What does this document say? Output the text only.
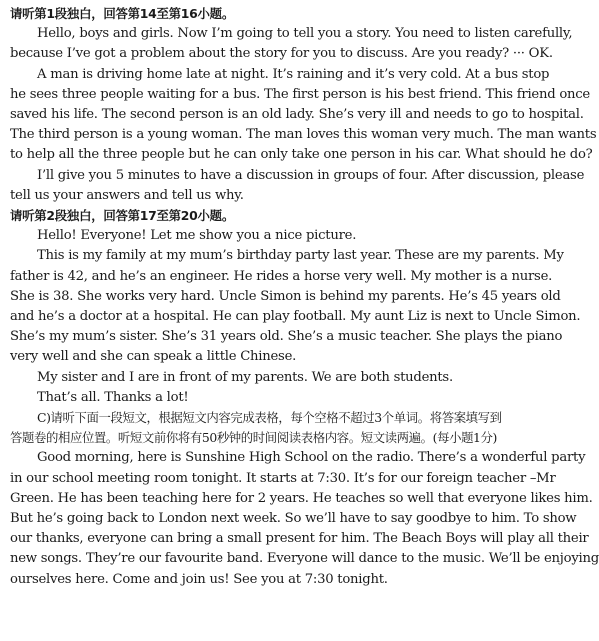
请听第1段独白，回答第14至第16小题。
Hello, boys and girls. Now I’m going to tell you a story. You need to listen carefully,
because I’ve got a problem about the story for you to discuss. Are you ready? ··· OK.
A man is driving home late at night. It’s raining and it’s very cold. At a bus stop
he sees three people waiting for a bus. The first person is his best friend. This friend once
saved his life. The second person is an old lady. She’s very ill and needs to go to hospital.
The third person is a young woman. The man loves this woman very much. The man wants
to help all the three people but he can only take one person in his car. What should he do?
I’ll give you 5 minutes to have a discussion in groups of four. After discussion, please
tell us your answers and tell us why.
请听第2段独白，回答第17至第20小题。
Hello! Everyone! Let me show you a nice picture.
This is my family at my mum’s birthday party last year. These are my parents. My
father is 42, and he’s an engineer. He rides a horse very well. My mother is a nurse.
She is 38. She works very hard. Uncle Simon is behind my parents. He’s 45 years old
and he’s a doctor at a hospital. He can play football. My aunt Liz is next to Uncle Simon.
She’s my mum’s sister. She’s 31 years old. She’s a music teacher. She plays the piano
very well and she can speak a little Chinese.
My sister and I are in front of my parents. We are both students.
That’s all. Thanks a lot!
C)请听下面一段短文，根据短文内容完成表格，每个空格不超过3个单词。将答案填写到
答题卷的相应位置。听短文前你将有50秒钟的时间阅读表格内容。短文读两遍。(每小题1分)
Good morning, here is Sunshine High School on the radio. There’s a wonderful party
in our school meeting room tonight. It starts at 7:30. It’s for our foreign teacher –Mr
Green. He has been teaching here for 2 years. He teaches so well that everyone likes him.
But he’s going back to London next week. So we’ll have to say goodbye to him. To show
our thanks, everyone can bring a small present for him. The Beach Boys will play all their
new songs. They’re our favourite band. Everyone will dance to the music. We’ll be enjoying
ourselves here. Come and join us! See you at 7:30 tonight.
